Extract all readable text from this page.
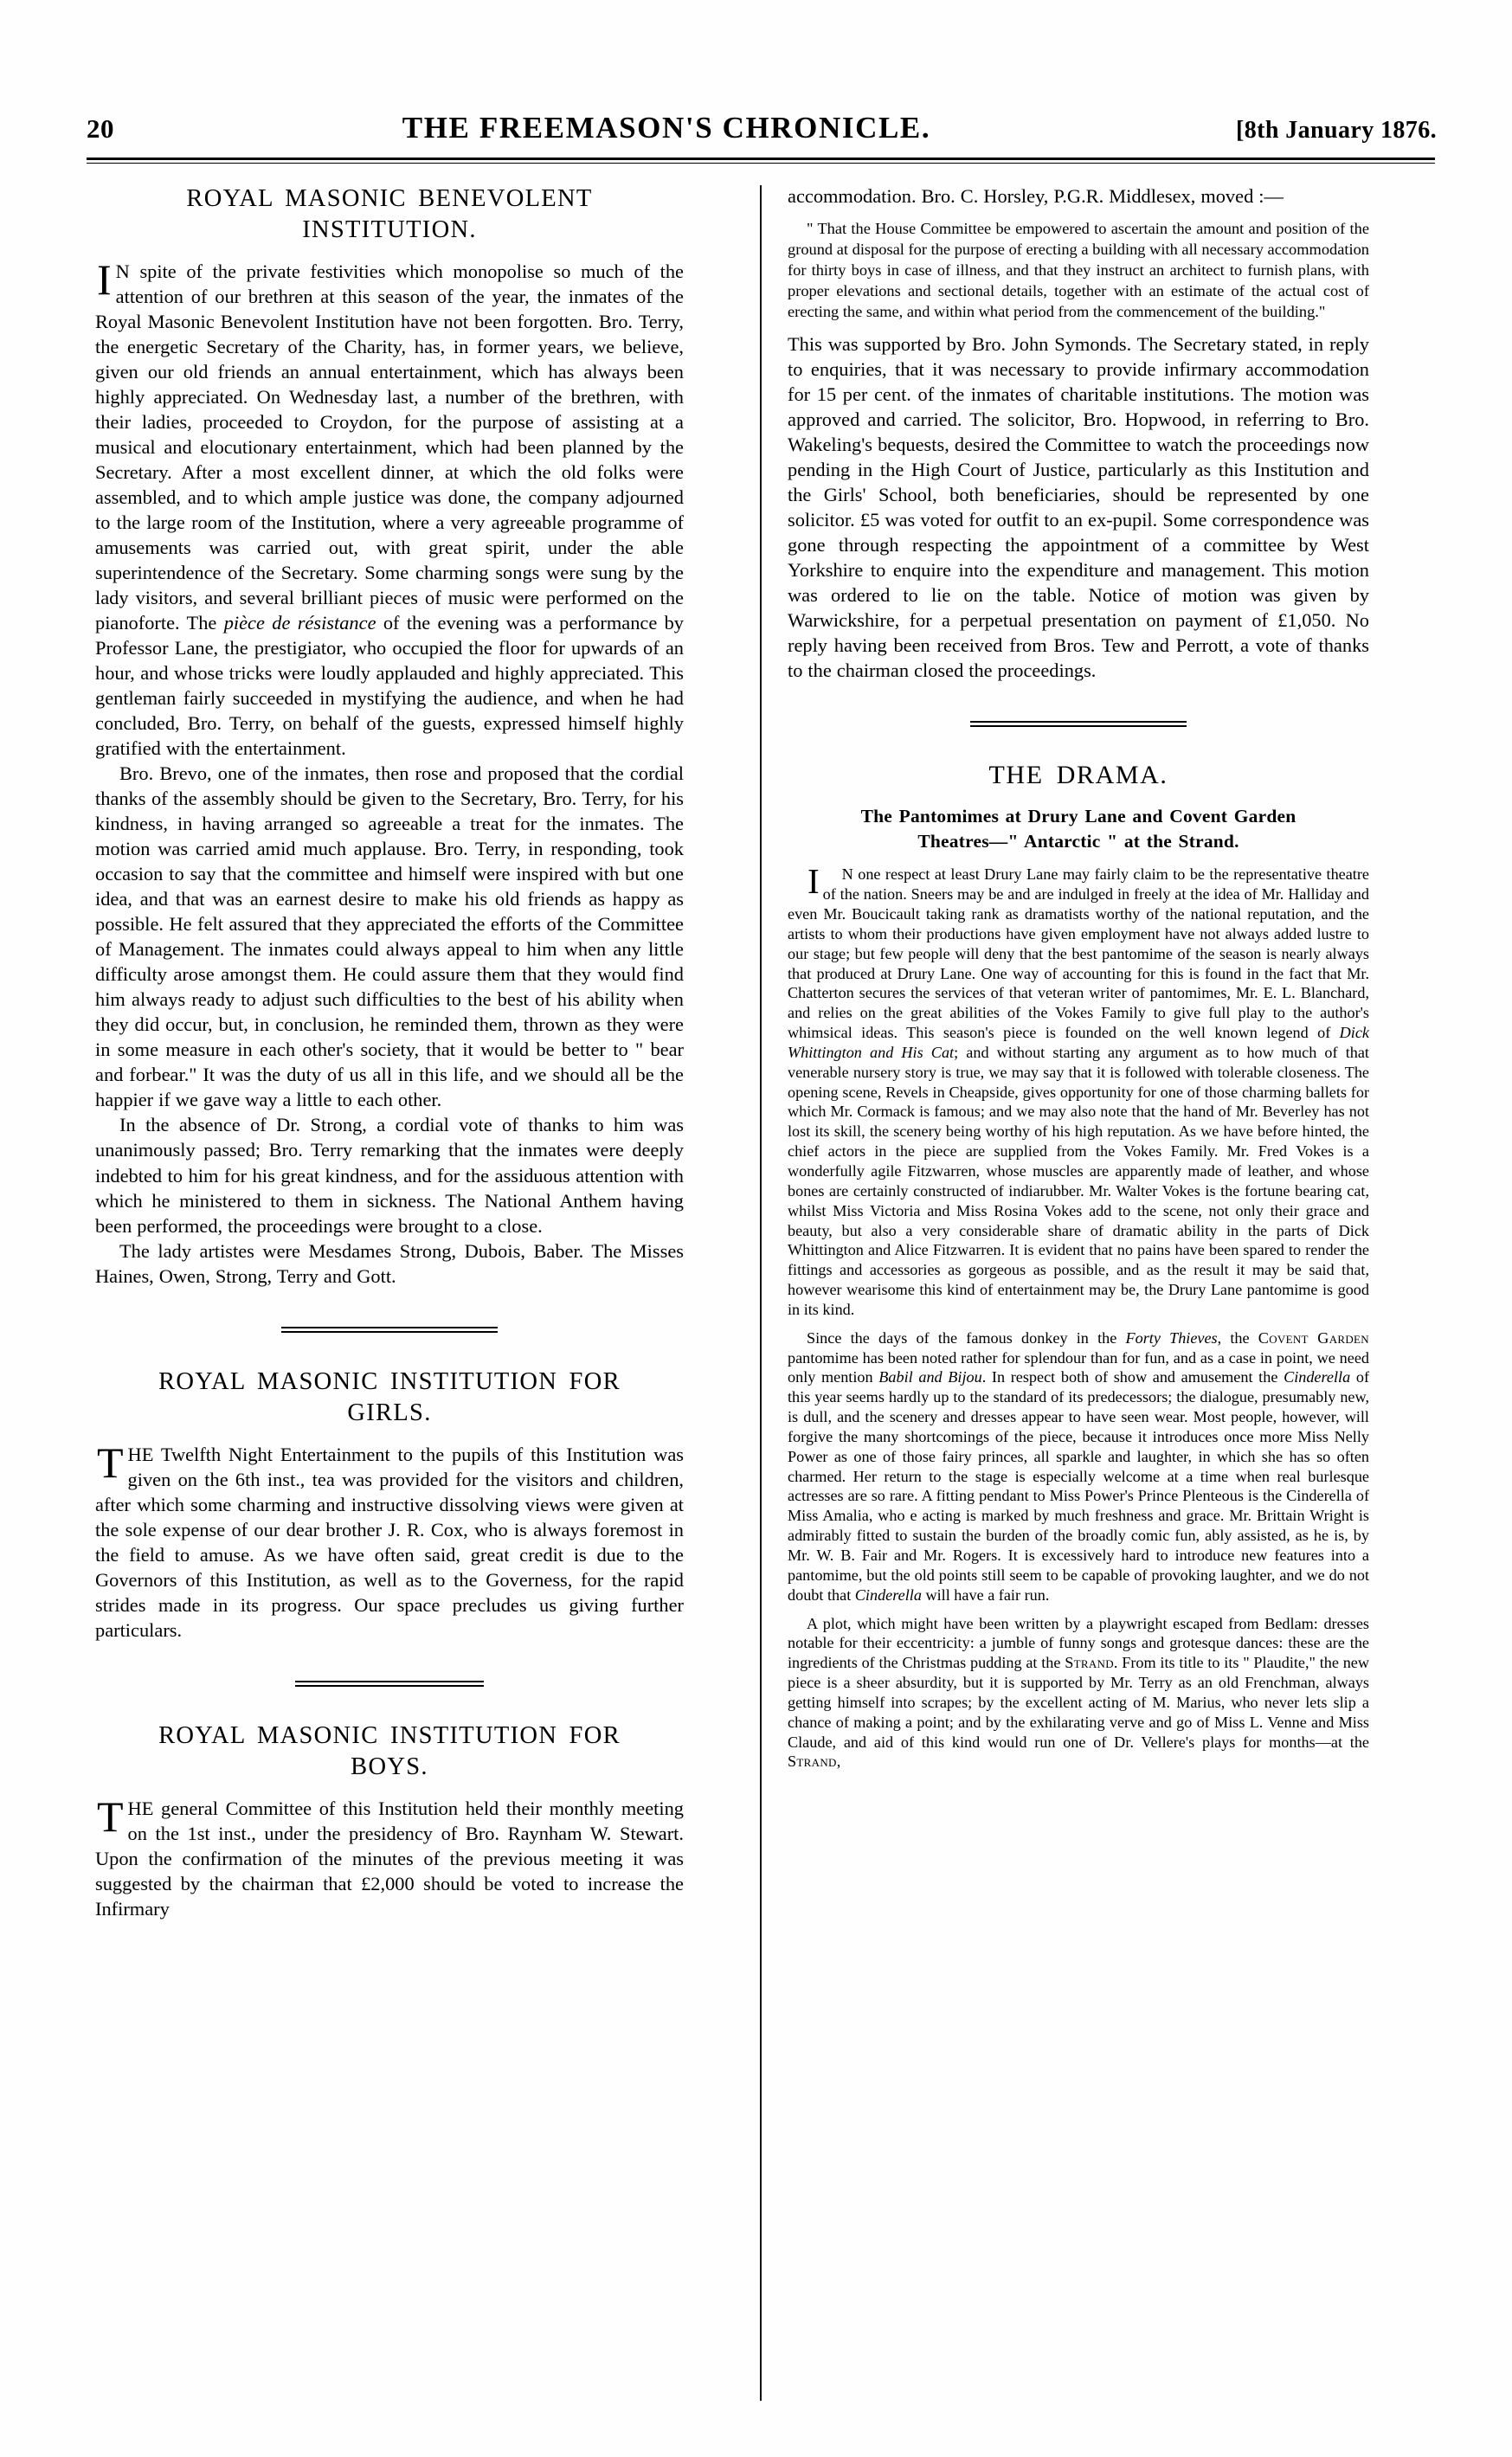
20	THE FREEMASON'S CHRONICLE.	[8th January 1876.
ROYAL MASONIC BENEVOLENT
INSTITUTION.

I N spite of the private festivities which monopolise so much of the attention of our brethren at this season of the year, the inmates of the Royal Masonic Benevolent Institution have not been forgotten. Bro. Terry, the energetic Secretary of the Charity, has, in former years, we believe, given our old friends an annual entertainment, which has always been highly appreciated. On Wednesday last, a number of the brethren, with their ladies, proceeded to Croydon, for the purpose of assisting at a musical and elocutionary entertainment, which had been planned by the Secretary. After a most excellent dinner, at which the old folks were assembled, and to which ample justice was done, the company adjourned to the large room of the Institution, where a very agreeable programme of amusements was carried out, with great spirit, under the able superintendence of the Secretary. Some charming songs were sung by the lady visitors, and several brilliant pieces of music were performed on the pianoforte. The pièce de résistance of the evening was a performance by Professor Lane, the prestigiator, who occupied the floor for upwards of an hour, and whose tricks were loudly applauded and highly appreciated. This gentleman fairly succeeded in mystifying the audience, and when he had concluded, Bro. Terry, on behalf of the guests, expressed himself highly gratified with the entertainment.

Bro. Brevo, one of the inmates, then rose and proposed that the cordial thanks of the assembly should be given to the Secretary, Bro. Terry, for his kindness, in having arranged so agreeable a treat for the inmates. The motion was carried amid much applause. Bro. Terry, in responding, took occasion to say that the committee and himself were inspired with but one idea, and that was an earnest desire to make his old friends as happy as possible. He felt assured that they appreciated the efforts of the Committee of Management. The inmates could always appeal to him when any little difficulty arose amongst them. He could assure them that they would find him always ready to adjust such difficulties to the best of his ability when they did occur, but, in conclusion, he reminded them, thrown as they were in some measure in each other's society, that it would be better to " bear and forbear." It was the duty of us all in this life, and we should all be the happier if we gave way a little to each other.

In the absence of Dr. Strong, a cordial vote of thanks to him was unanimously passed; Bro. Terry remarking that the inmates were deeply indebted to him for his great kindness, and for the assiduous attention with which he ministered to them in sickness. The National Anthem having been performed, the proceedings were brought to a close.

The lady artistes were Mesdames Strong, Dubois, Baber. The Misses Haines, Owen, Strong, Terry and Gott.

ROYAL MASONIC INSTITUTION FOR
GIRLS.

THE Twelfth Night Entertainment to the pupils of this Institution was given on the 6th inst., tea was provided for the visitors and children, after which some charming and instructive dissolving views were given at the sole expense of our dear brother J. R. Cox, who is always foremost in the field to amuse. As we have often said, great credit is due to the Governors of this Institution, as well as to the Governess, for the rapid strides made in its progress. Our space precludes us giving further particulars.

ROYAL MASONIC INSTITUTION FOR
BOYS.

THE general Committee of this Institution held their monthly meeting on the 1st inst., under the presidency of Bro. Raynham W. Stewart. Upon the confirmation of the minutes of the previous meeting it was suggested by the chairman that £2,000 should be voted to increase the Infirmary

accommodation. Bro. C. Horsley, P.G.R. Middlesex, moved :—

" That the House Committee be empowered to ascertain the amount and position of the ground at disposal for the purpose of erecting a building with all necessary accommodation for thirty boys in case of illness, and that they instruct an architect to furnish plans, with proper elevations and sectional details, together with an estimate of the actual cost of erecting the same, and within what period from the commencement of the building."

This was supported by Bro. John Symonds. The Secretary stated, in reply to enquiries, that it was necessary to provide infirmary accommodation for 15 per cent. of the inmates of charitable institutions. The motion was approved and carried. The solicitor, Bro. Hopwood, in referring to Bro. Wakeling's bequests, desired the Committee to watch the proceedings now pending in the High Court of Justice, particularly as this Institution and the Girls' School, both beneficiaries, should be represented by one solicitor. £5 was voted for outfit to an ex-pupil. Some correspondence was gone through respecting the appointment of a committee by West Yorkshire to enquire into the expenditure and management. This motion was ordered to lie on the table. Notice of motion was given by Warwickshire, for a perpetual presentation on payment of £1,050. No reply having been received from Bros. Tew and Perrott, a vote of thanks to the chairman closed the proceedings.

THE DRAMA.
The Pantomimes at Drury Lane and Covent Garden
Theatres—" Antarctic " at the Strand.

I N one respect at least Drury Lane may fairly claim to be the representative theatre of the nation. Sneers may be and are indulged in freely at the idea of Mr. Halliday and even Mr. Boucicault taking rank as dramatists worthy of the national reputation, and the artists to whom their productions have given employment have not always added lustre to our stage; but few people will deny that the best pantomime of the season is nearly always that produced at Drury Lane. One way of accounting for this is found in the fact that Mr. Chatterton secures the services of that veteran writer of pantomimes, Mr. E. L. Blanchard, and relies on the great abilities of the Vokes Family to give full play to the author's whimsical ideas. This season's piece is founded on the well known legend of Dick Whittington and His Cat; and without starting any argument as to how much of that venerable nursery story is true, we may say that it is followed with tolerable closeness. The opening scene, Revels in Cheapside, gives opportunity for one of those charming ballets for which Mr. Cormack is famous; and we may also note that the hand of Mr. Beverley has not lost its skill, the scenery being worthy of his high reputation. As we have before hinted, the chief actors in the piece are supplied from the Vokes Family. Mr. Fred Vokes is a wonderfully agile Fitzwarren, whose muscles are apparently made of leather, and whose bones are certainly constructed of indiarubber. Mr. Walter Vokes is the fortune bearing cat, whilst Miss Victoria and Miss Rosina Vokes add to the scene, not only their grace and beauty, but also a very considerable share of dramatic ability in the parts of Dick Whittington and Alice Fitzwarren. It is evident that no pains have been spared to render the fittings and accessories as gorgeous as possible, and as the result it may be said that, however wearisome this kind of entertainment may be, the Drury Lane pantomime is good in its kind.

Since the days of the famous donkey in the Forty Thieves, the Covent Garden pantomime has been noted rather for splendour than for fun, and as a case in point, we need only mention Babil and Bijou. In respect both of show and amusement the Cinderella of this year seems hardly up to the standard of its predecessors; the dialogue, presumably new, is dull, and the scenery and dresses appear to have seen wear. Most people, however, will forgive the many shortcomings of the piece, because it introduces once more Miss Nelly Power as one of those fairy princes, all sparkle and laughter, in which she has so often charmed. Her return to the stage is especially welcome at a time when real burlesque actresses are so rare. A fitting pendant to Miss Power's Prince Plenteous is the Cinderella of Miss Amalia, who e acting is marked by much freshness and grace. Mr. Brittain Wright is admirably fitted to sustain the burden of the broadly comic fun, ably assisted, as he is, by Mr. W. B. Fair and Mr. Rogers. It is excessively hard to introduce new features into a pantomime, but the old points still seem to be capable of provoking laughter, and we do not doubt that Cinderella will have a fair run.

A plot, which might have been written by a playwright escaped from Bedlam: dresses notable for their eccentricity: a jumble of funny songs and grotesque dances: these are the ingredients of the Christmas pudding at the Strand. From its title to its " Plaudite," the new piece is a sheer absurdity, but it is supported by Mr. Terry as an old Frenchman, always getting himself into scrapes; by the excellent acting of M. Marius, who never lets slip a chance of making a point; and by the exhilarating verve and go of Miss L. Venne and Miss Claude, and aid of this kind would run one of Dr. Vellere's plays for months—at the Strand,
